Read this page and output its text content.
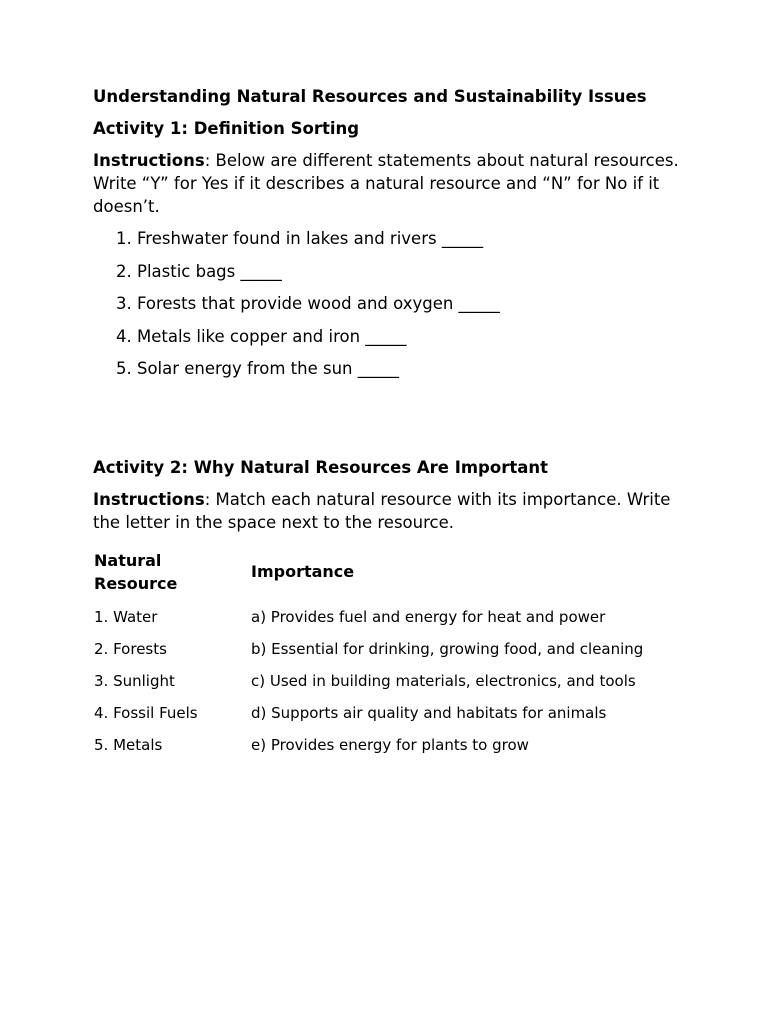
Understanding Natural Resources and Sustainability Issues
Activity 1: Definition Sorting
Instructions: Below are different statements about natural resources. Write “Y” for Yes if it describes a natural resource and “N” for No if it doesn’t.
1. Freshwater found in lakes and rivers _____
2. Plastic bags _____
3. Forests that provide wood and oxygen _____
4. Metals like copper and iron _____
5. Solar energy from the sun _____
Activity 2: Why Natural Resources Are Important
Instructions: Match each natural resource with its importance. Write the letter in the space next to the resource.
Natural Resource	Importance
1. Water	a) Provides fuel and energy for heat and power
2. Forests	b) Essential for drinking, growing food, and cleaning
3. Sunlight	c) Used in building materials, electronics, and tools
4. Fossil Fuels	d) Supports air quality and habitats for animals
5. Metals	e) Provides energy for plants to grow
